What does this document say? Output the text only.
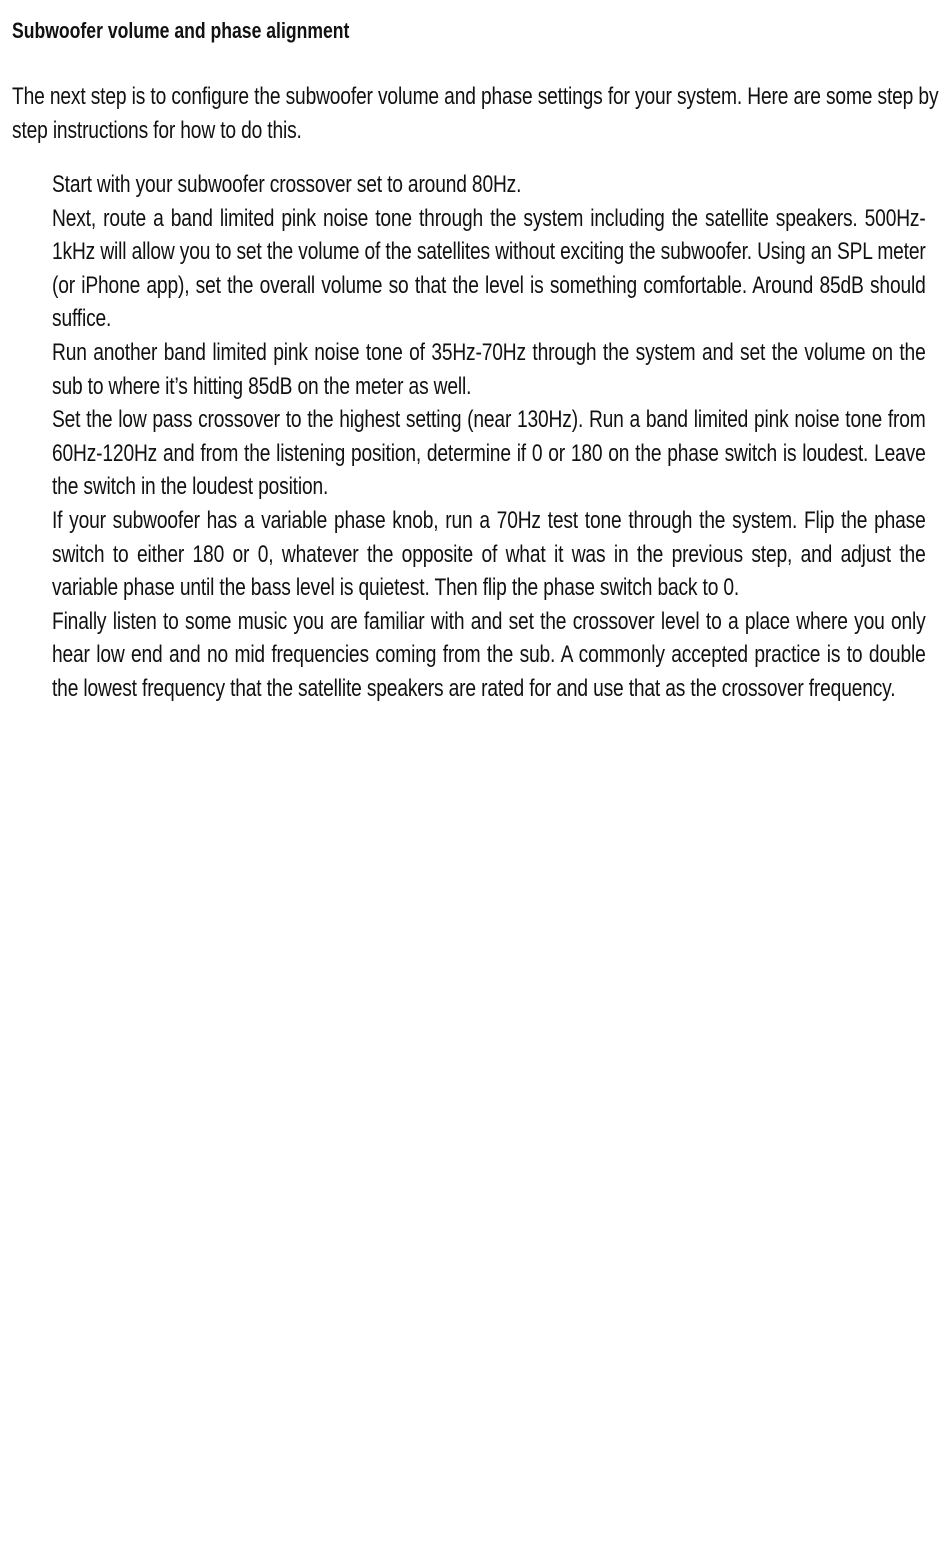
Subwoofer volume and phase alignment

The next step is to configure the subwoofer volume and phase settings for your system. Here are some step by step instructions for how to do this.

Start with your subwoofer crossover set to around 80Hz.
Next, route a band limited pink noise tone through the system including the satellite speakers. 500Hz-1kHz will allow you to set the volume of the satellites without exciting the subwoofer. Using an SPL meter (or iPhone app), set the overall volume so that the level is something comfortable. Around 85dB should suffice.
Run another band limited pink noise tone of 35Hz-70Hz through the system and set the volume on the sub to where it’s hitting 85dB on the meter as well.
Set the low pass crossover to the highest setting (near 130Hz). Run a band limited pink noise tone from 60Hz-120Hz and from the listening position, determine if 0 or 180 on the phase switch is loudest. Leave the switch in the loudest position.
If your subwoofer has a variable phase knob, run a 70Hz test tone through the system. Flip the phase switch to either 180 or 0, whatever the opposite of what it was in the previous step, and adjust the variable phase until the bass level is quietest. Then flip the phase switch back to 0.
Finally listen to some music you are familiar with and set the crossover level to a place where you only hear low end and no mid frequencies coming from the sub. A commonly accepted practice is to double the lowest frequency that the satellite speakers are rated for and use that as the crossover frequency.
